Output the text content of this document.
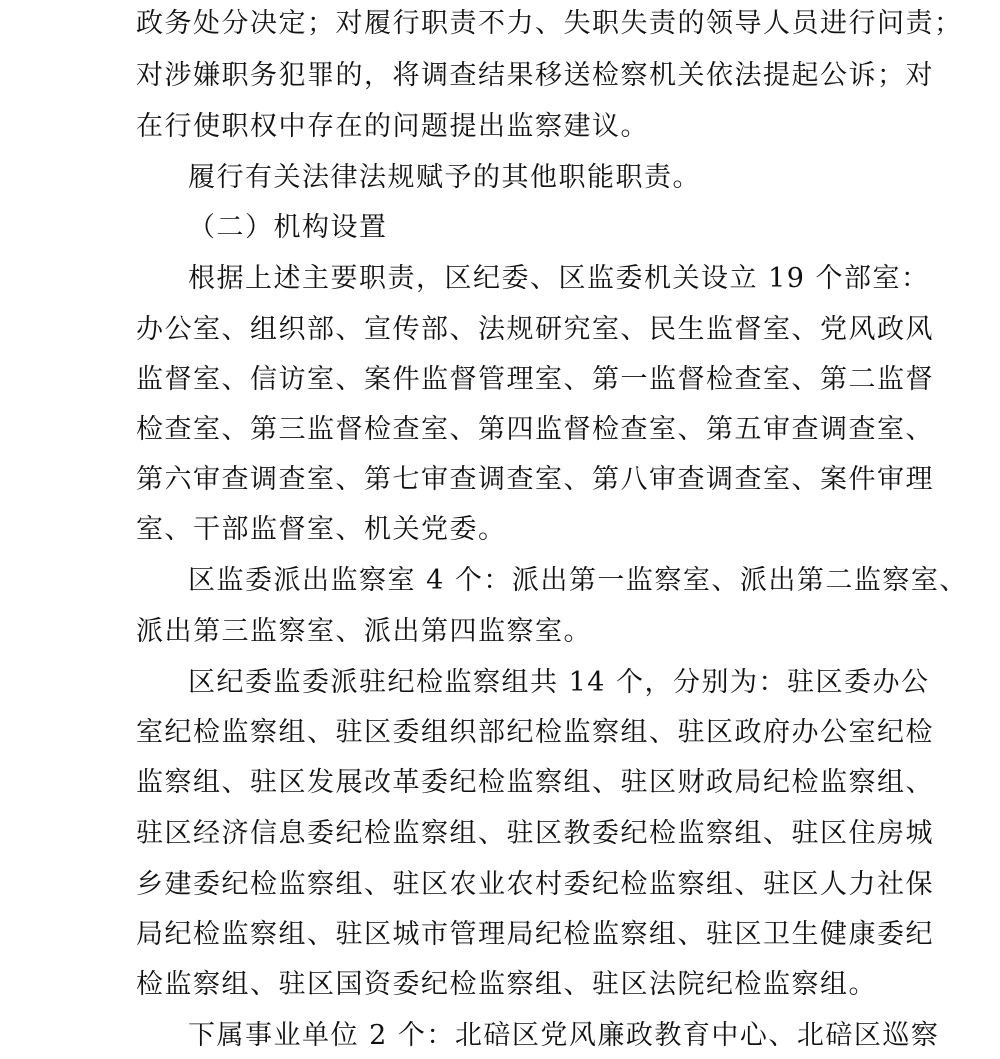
政务处分决定；对履行职责不力、失职失责的领导人员进行问责；
对涉嫌职务犯罪的，将调查结果移送检察机关依法提起公诉；对
在行使职权中存在的问题提出监察建议。
履行有关法律法规赋予的其他职能职责。
（二）机构设置
根据上述主要职责，区纪委、区监委机关设立 19 个部室：
办公室、组织部、宣传部、法规研究室、民生监督室、党风政风
监督室、信访室、案件监督管理室、第一监督检查室、第二监督
检查室、第三监督检查室、第四监督检查室、第五审查调查室、
第六审查调查室、第七审查调查室、第八审查调查室、案件审理
室、干部监督室、机关党委。
区监委派出监察室 4 个：派出第一监察室、派出第二监察室、
派出第三监察室、派出第四监察室。
区纪委监委派驻纪检监察组共 14 个，分别为：驻区委办公
室纪检监察组、驻区委组织部纪检监察组、驻区政府办公室纪检
监察组、驻区发展改革委纪检监察组、驻区财政局纪检监察组、
驻区经济信息委纪检监察组、驻区教委纪检监察组、驻区住房城
乡建委纪检监察组、驻区农业农村委纪检监察组、驻区人力社保
局纪检监察组、驻区城市管理局纪检监察组、驻区卫生健康委纪
检监察组、驻区国资委纪检监察组、驻区法院纪检监察组。
下属事业单位 2 个：北碚区党风廉政教育中心、北碚区巡察
